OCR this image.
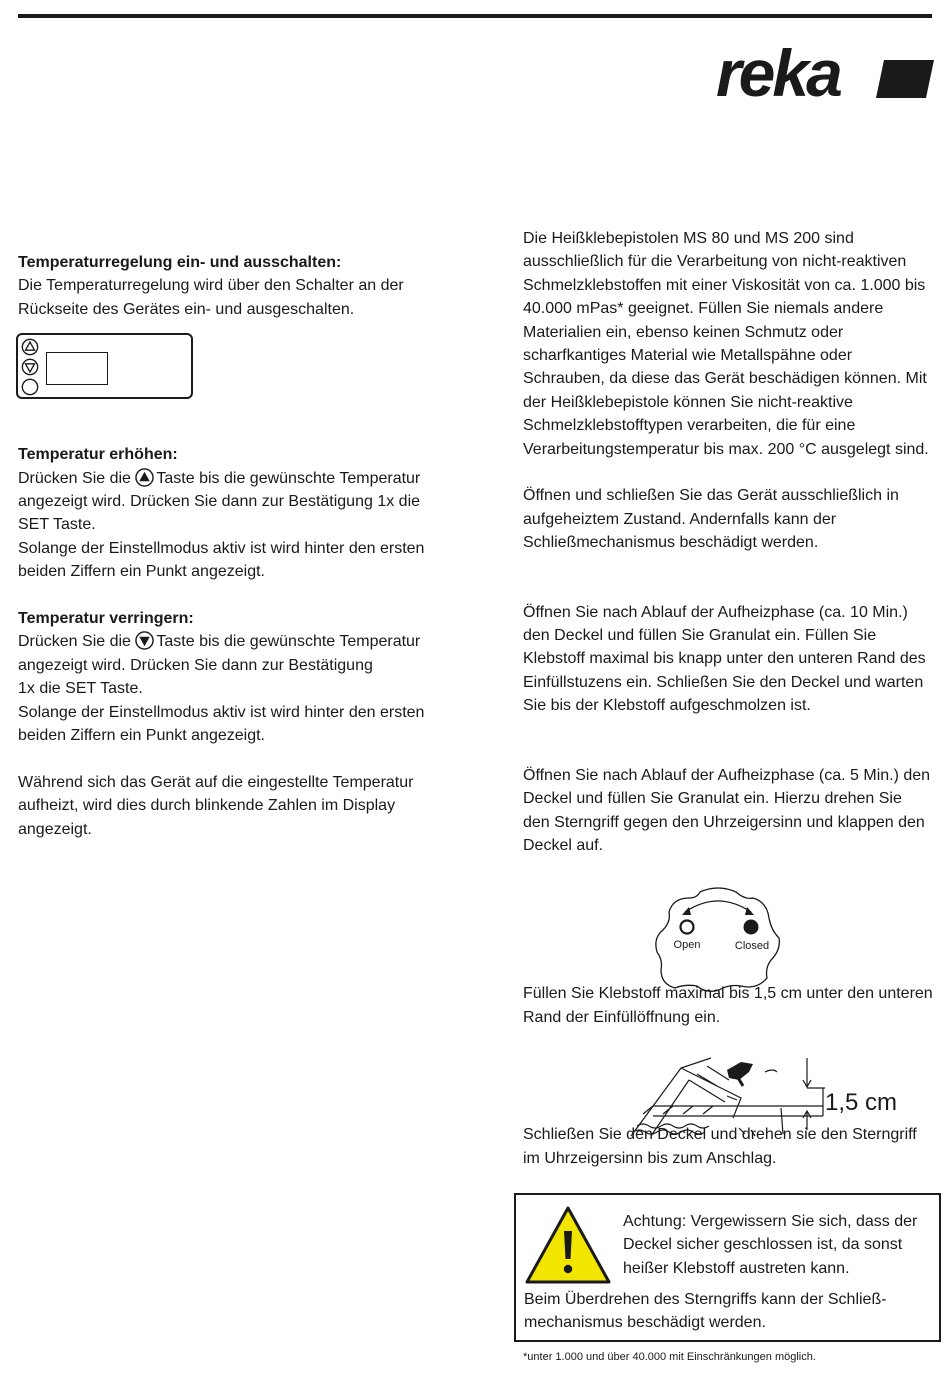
reka

Temperaturregelung ein- und ausschalten:

Die Temperaturregelung wird über den Schalter an der Rückseite des Gerätes ein- und ausgeschalten.

Temperatur erhöhen:

Drücken Sie die Taste bis die gewünschte Temperatur angezeigt wird. Drücken Sie dann zur Bestätigung 1x die SET Taste.

Solange der Einstellmodus aktiv ist wird hinter den ersten beiden Ziffern ein Punkt angezeigt.

Temperatur verringern:

Drücken Sie die Taste bis die gewünschte Temperatur angezeigt wird. Drücken Sie dann zur Bestätigung

1x die SET Taste.

Solange der Einstellmodus aktiv ist wird hinter den ersten beiden Ziffern ein Punkt angezeigt.

Während sich das Gerät auf die eingestellte Temperatur aufheizt, wird dies durch blinkende Zahlen im Display angezeigt.

Die Heißklebepistolen MS 80 und MS 200 sind ausschließlich für die Verarbeitung von nicht-reaktiven Schmelzklebstoffen mit einer Viskosität von ca. 1.000 bis 40.000 mPas* geeignet. Füllen Sie niemals andere Materialien ein, ebenso keinen Schmutz oder scharfkantiges Material wie Metallspähne oder Schrauben, da diese das Gerät beschädigen können. Mit der Heißklebepistole können Sie nicht-reaktive Schmelzklebstofftypen verarbeiten, die für eine Verarbeitungstemperatur bis max. 200 °C ausgelegt sind.

Öffnen und schließen Sie das Gerät ausschließlich in aufgeheiztem Zustand. Andernfalls kann der Schließmechanismus beschädigt werden.

Öffnen Sie nach Ablauf der Aufheizphase (ca. 10 Min.) den Deckel und füllen Sie Granulat ein. Füllen Sie Klebstoff maximal bis knapp unter den unteren Rand des Einfüllstuzens ein. Schließen Sie den Deckel und warten Sie bis der Klebstoff aufgeschmolzen ist.

Öffnen Sie nach Ablauf der Aufheizphase (ca. 5 Min.) den Deckel und füllen Sie Granulat ein. Hierzu drehen Sie den Sterngriff gegen den Uhrzeigersinn und klappen den Deckel auf.

Füllen Sie Klebstoff maximal bis 1,5 cm unter den unteren Rand der Einfüllöffnung ein.

Schließen Sie den Deckel und drehen sie den Sterngriff im Uhrzeigersinn bis zum Anschlag.

Open	Closed
1,5 cm

Achtung: Vergewissern Sie sich, dass der Deckel sicher geschlossen ist, da sonst heißer Klebstoff austreten kann.

Beim Überdrehen des Sterngriffs kann der Schließ-mechanismus beschädigt werden.

*unter 1.000 und über 40.000 mit Einschränkungen möglich.
